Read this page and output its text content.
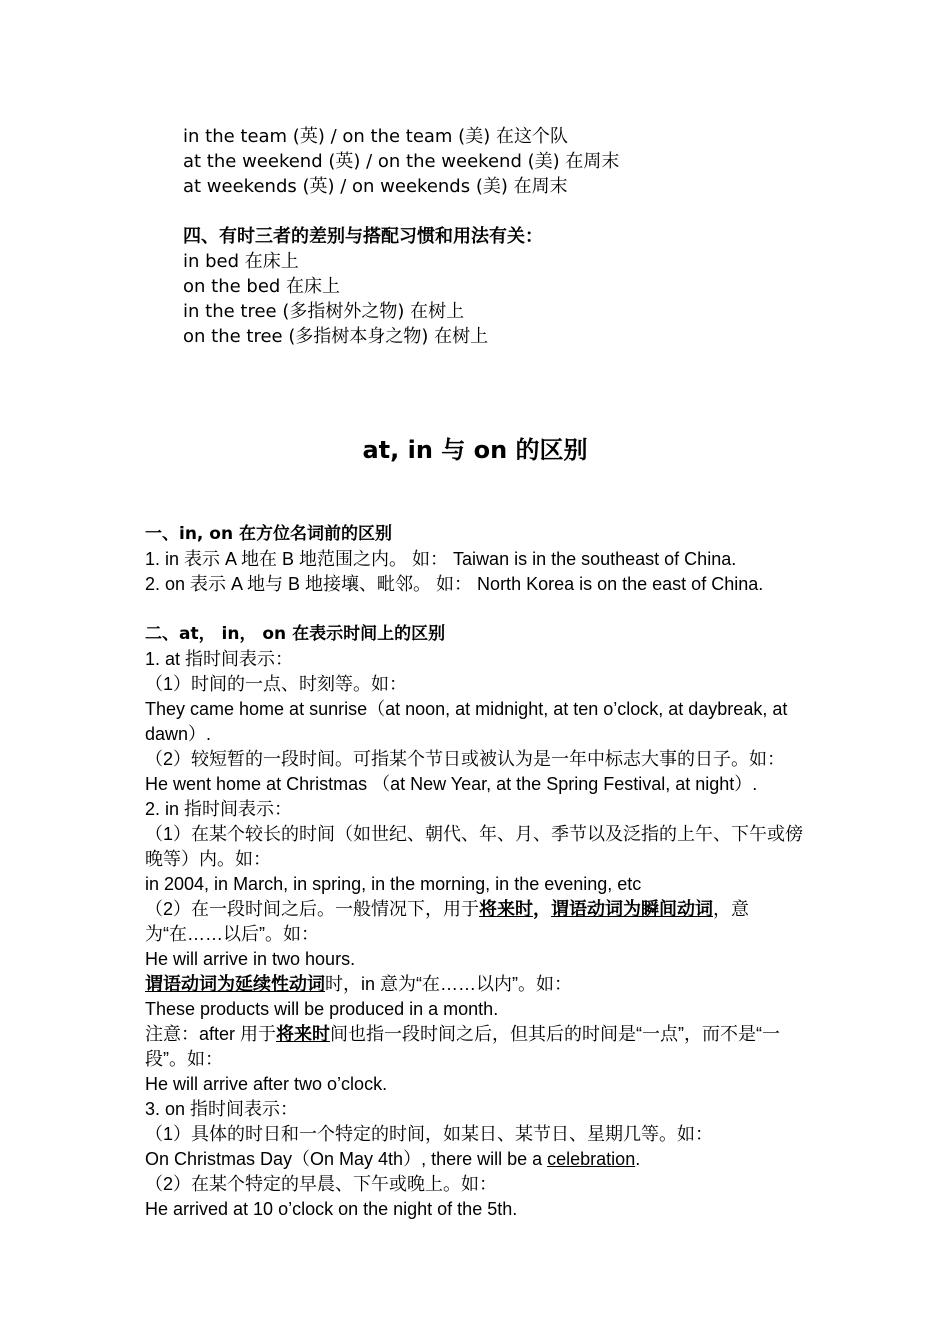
in the team (英) / on the team (美) 在这个队
at the weekend (英) / on the weekend (美) 在周末
at weekends (英) / on weekends (美) 在周末
四、有时三者的差别与搭配习惯和用法有关：
in bed 在床上
on the bed 在床上
in the tree (多指树外之物) 在树上
on the tree (多指树本身之物) 在树上
at, in 与 on 的区别
一、in, on 在方位名词前的区别
1. in 表示 A 地在 B 地范围之内。 如： Taiwan is in the southeast of China.
2. on 表示 A 地与 B 地接壤、毗邻。 如： North Korea is on the east of China.
二、at， in， on 在表示时间上的区别
1. at 指时间表示：
（1）时间的一点、时刻等。如：
They came home at sunrise（at noon, at midnight, at ten o’clock, at daybreak, at dawn）.
（2）较短暂的一段时间。可指某个节日或被认为是一年中标志大事的日子。如：
He went home at Christmas （at New Year, at the Spring Festival, at night）.
2. in 指时间表示：
（1）在某个较长的时间（如世纪、朝代、年、月、季节以及泛指的上午、下午或傍晚等）内。如：
in 2004, in March, in spring, in the morning, in the evening, etc
（2）在一段时间之后。一般情况下，用于将来时，谓语动词为瞬间动词，意为“在……以后”。如：
He will arrive in two hours.
谓语动词为延续性动词时，in 意为“在……以内”。如：
These products will be produced in a month.
注意：after 用于将来时间也指一段时间之后，但其后的时间是“一点”，而不是“一段”。如：
He will arrive after two o’clock.
3. on 指时间表示：
（1）具体的时日和一个特定的时间，如某日、某节日、星期几等。如：
On Christmas Day（On May 4th）, there will be a celebration.
（2）在某个特定的早晨、下午或晚上。如：
He arrived at 10 o’clock on the night of the 5th.
